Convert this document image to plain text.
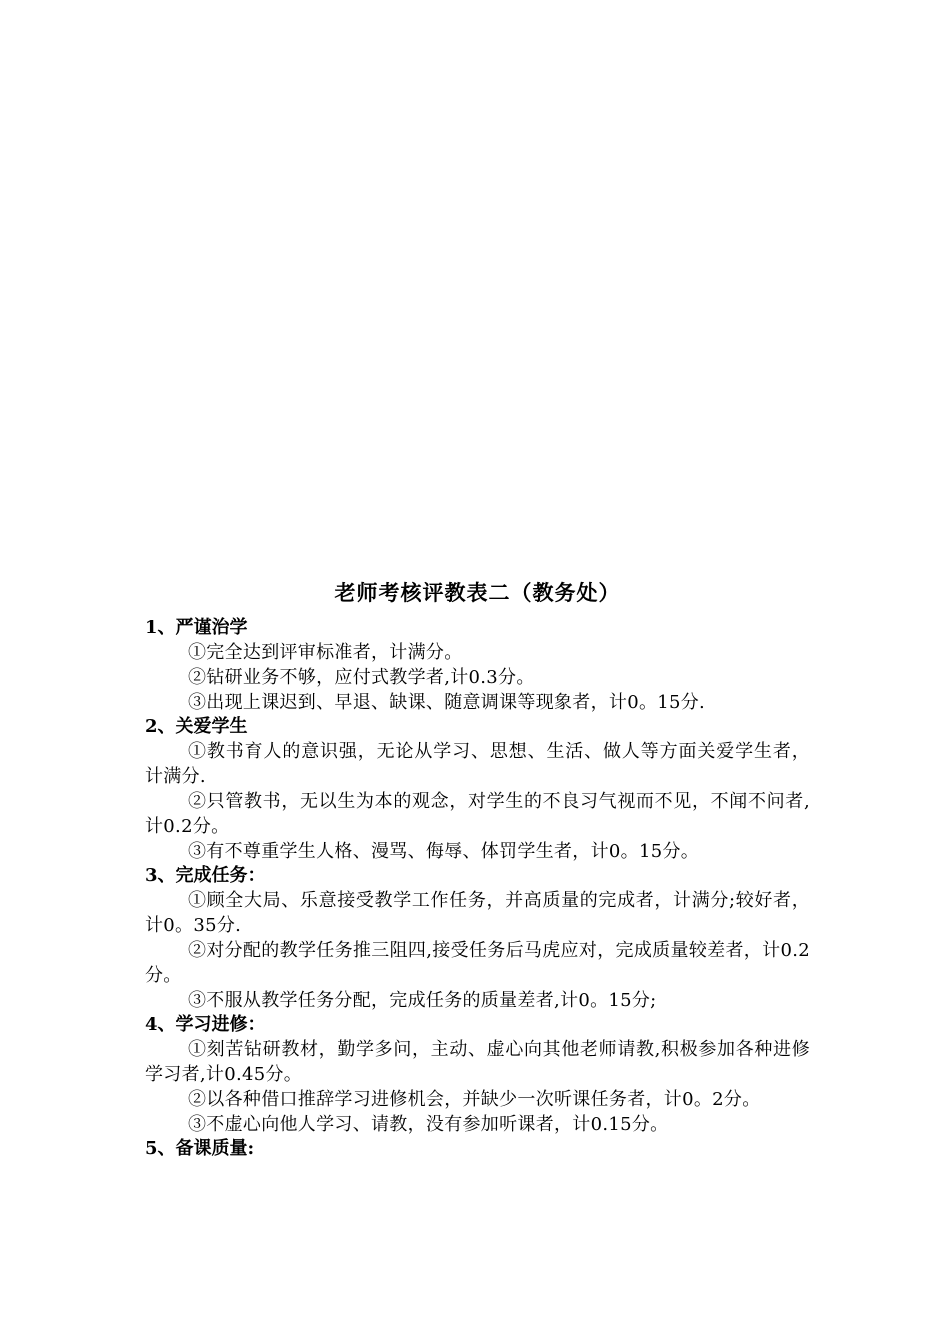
老师考核评教表二（教务处）

1、严谨治学

①完全达到评审标准者，计满分。

②钻研业务不够，应付式教学者,计0.3分。

③出现上课迟到、早退、缺课、随意调课等现象者，计0。15分.

2、关爱学生

①教书育人的意识强，无论从学习、思想、生活、做人等方面关爱学生者，计满分.

②只管教书，无以生为本的观念，对学生的不良习气视而不见，不闻不问者,计0.2分。

③有不尊重学生人格、漫骂、侮辱、体罚学生者，计0。15分。

3、完成任务：

①顾全大局、乐意接受教学工作任务，并高质量的完成者，计满分;较好者，计0。35分.

②对分配的教学任务推三阻四,接受任务后马虎应对，完成质量较差者，计0.2分。

③不服从教学任务分配，完成任务的质量差者,计0。15分;

4、学习进修：

①刻苦钻研教材，勤学多问，主动、虚心向其他老师请教,积极参加各种进修学习者,计0.45分。

②以各种借口推辞学习进修机会，并缺少一次听课任务者，计0。2分。

③不虚心向他人学习、请教，没有参加听课者，计0.15分。

5、备课质量:
